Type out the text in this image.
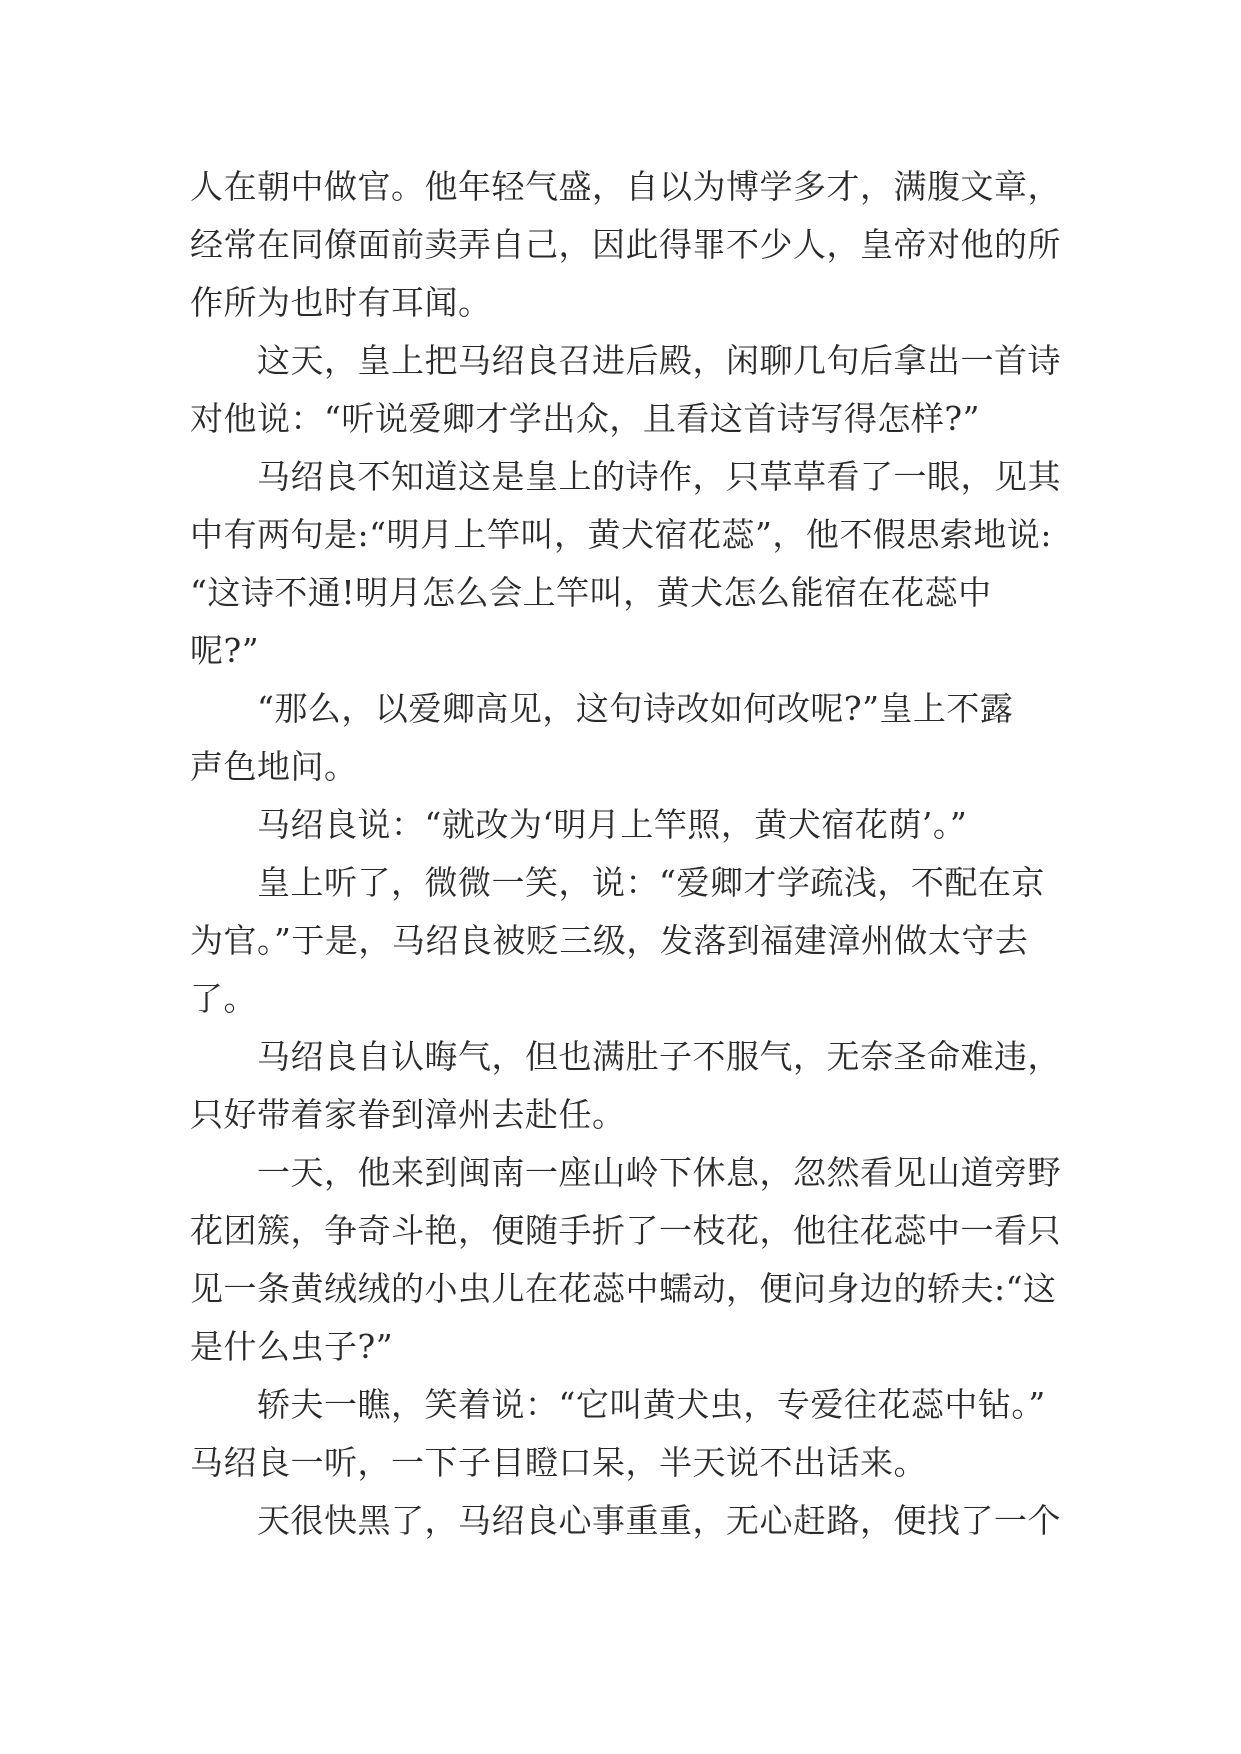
人在朝中做官。他年轻气盛，自以为博学多才，满腹文章，
经常在同僚面前卖弄自己，因此得罪不少人，皇帝对他的所
作所为也时有耳闻。
　　这天，皇上把马绍良召进后殿，闲聊几句后拿出一首诗
对他说：“听说爱卿才学出众，且看这首诗写得怎样?”
　　马绍良不知道这是皇上的诗作，只草草看了一眼，见其
中有两句是:“明月上竿叫，黄犬宿花蕊”，他不假思索地说:
“这诗不通!明月怎么会上竿叫，黄犬怎么能宿在花蕊中
呢?”
　　“那么，以爱卿高见，这句诗改如何改呢?”皇上不露
声色地问。
　　马绍良说：“就改为‘明月上竿照，黄犬宿花荫’。”
　　皇上听了，微微一笑，说：“爱卿才学疏浅，不配在京
为官。”于是，马绍良被贬三级，发落到福建漳州做太守去
了。
　　马绍良自认晦气，但也满肚子不服气，无奈圣命难违，
只好带着家眷到漳州去赴任。
　　一天，他来到闽南一座山岭下休息，忽然看见山道旁野
花团簇，争奇斗艳，便随手折了一枝花，他往花蕊中一看只
见一条黄绒绒的小虫儿在花蕊中蠕动，便问身边的轿夫:“这
是什么虫子?”
　　轿夫一瞧，笑着说：“它叫黄犬虫，专爱往花蕊中钻。”
马绍良一听，一下子目瞪口呆，半天说不出话来。
　　天很快黑了，马绍良心事重重，无心赶路，便找了一个
